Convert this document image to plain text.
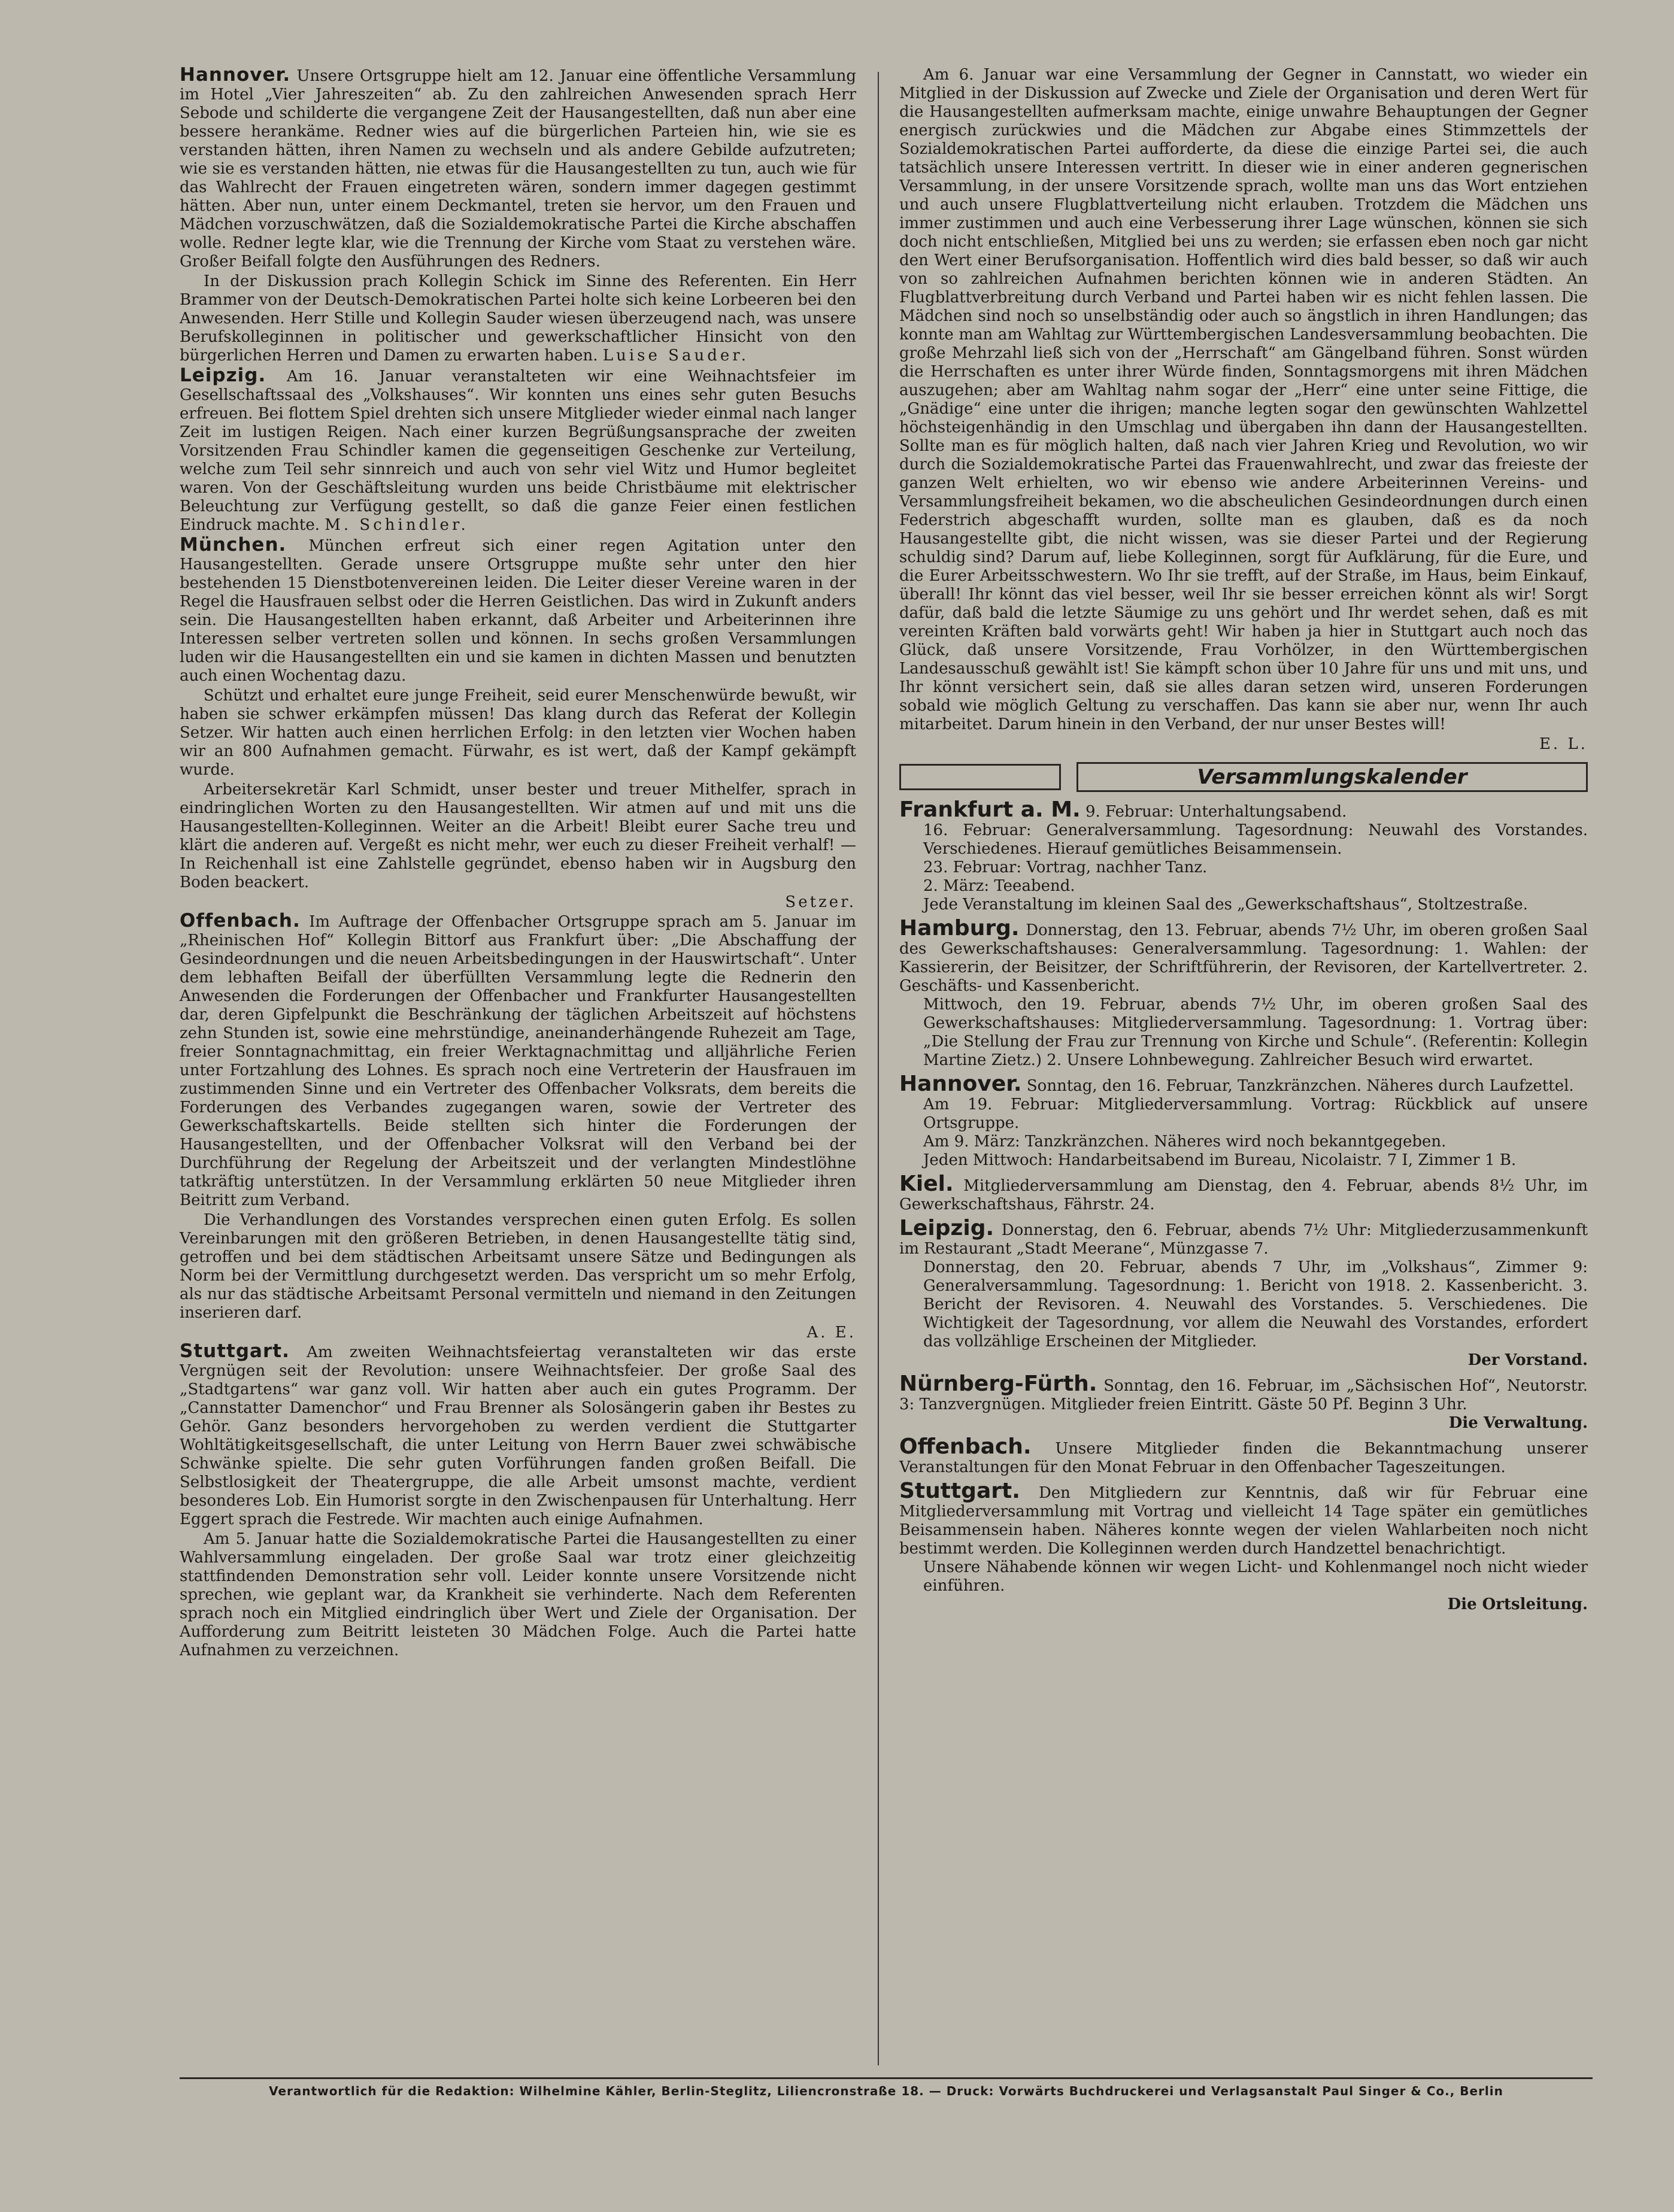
Hannover. Unsere Ortsgruppe hielt am 12. Januar eine öffentliche Versammlung im Hotel „Vier Jahreszeiten“ ab. Zu den zahlreichen Anwesenden sprach Herr Sebode und schilderte die vergangene Zeit der Hausangestellten, daß nun aber eine bessere herankäme. Redner wies auf die bürgerlichen Parteien hin, wie sie es verstanden hätten, ihren Namen zu wechseln und als andere Gebilde aufzutreten; wie sie es verstanden hätten, nie etwas für die Hausangestellten zu tun, auch wie für das Wahlrecht der Frauen eingetreten wären, sondern immer dagegen gestimmt hätten. Aber nun, unter einem Deckmantel, treten sie hervor, um den Frauen und Mädchen vorzuschwätzen, daß die Sozialdemokratische Partei die Kirche abschaffen wolle. Redner legte klar, wie die Trennung der Kirche vom Staat zu verstehen wäre. Großer Beifall folgte den Ausführungen des Redners.

In der Diskussion prach Kollegin Schick im Sinne des Referenten. Ein Herr Brammer von der Deutsch-Demokratischen Partei holte sich keine Lorbeeren bei den Anwesenden. Herr Stille und Kollegin Sauder wiesen überzeugend nach, was unsere Berufskolleginnen in politischer und gewerkschaftlicher Hinsicht von den bürgerlichen Herren und Damen zu erwarten haben. Luise Sauder.

Leipzig. Am 16. Januar veranstalteten wir eine Weihnachtsfeier im Gesellschaftssaal des „Volkshauses“. Wir konnten uns eines sehr guten Besuchs erfreuen. Bei flottem Spiel drehten sich unsere Mitglieder wieder einmal nach langer Zeit im lustigen Reigen. Nach einer kurzen Begrüßungsansprache der zweiten Vorsitzenden Frau Schindler kamen die gegenseitigen Geschenke zur Verteilung, welche zum Teil sehr sinnreich und auch von sehr viel Witz und Humor begleitet waren. Von der Geschäftsleitung wurden uns beide Christbäume mit elektrischer Beleuchtung zur Verfügung gestellt, so daß die ganze Feier einen festlichen Eindruck machte. M. Schindler.

München. München erfreut sich einer regen Agitation unter den Hausangestellten. Gerade unsere Ortsgruppe mußte sehr unter den hier bestehenden 15 Dienstbotenvereinen leiden. Die Leiter dieser Vereine waren in der Regel die Hausfrauen selbst oder die Herren Geistlichen. Das wird in Zukunft anders sein. Die Hausangestellten haben erkannt, daß Arbeiter und Arbeiterinnen ihre Interessen selber vertreten sollen und können. In sechs großen Versammlungen luden wir die Hausangestellten ein und sie kamen in dichten Massen und benutzten auch einen Wochentag dazu.

Schützt und erhaltet eure junge Freiheit, seid eurer Menschenwürde bewußt, wir haben sie schwer erkämpfen müssen! Das klang durch das Referat der Kollegin Setzer. Wir hatten auch einen herrlichen Erfolg: in den letzten vier Wochen haben wir an 800 Aufnahmen gemacht. Fürwahr, es ist wert, daß der Kampf gekämpft wurde.

Arbeitersekretär Karl Schmidt, unser bester und treuer Mithelfer, sprach in eindringlichen Worten zu den Hausangestellten. Wir atmen auf und mit uns die Hausangestellten-Kolleginnen. Weiter an die Arbeit! Bleibt eurer Sache treu und klärt die anderen auf. Vergeßt es nicht mehr, wer euch zu dieser Freiheit verhalf! — In Reichenhall ist eine Zahlstelle gegründet, ebenso haben wir in Augsburg den Boden beackert.

Setzer.

Offenbach. Im Auftrage der Offenbacher Ortsgruppe sprach am 5. Januar im „Rheinischen Hof“ Kollegin Bittorf aus Frankfurt über: „Die Abschaffung der Gesindeordnungen und die neuen Arbeitsbedingungen in der Hauswirtschaft“. Unter dem lebhaften Beifall der überfüllten Versammlung legte die Rednerin den Anwesenden die Forderungen der Offenbacher und Frankfurter Hausangestellten dar, deren Gipfelpunkt die Beschränkung der täglichen Arbeitszeit auf höchstens zehn Stunden ist, sowie eine mehrstündige, aneinanderhängende Ruhezeit am Tage, freier Sonntagnachmittag, ein freier Werktagnachmittag und alljährliche Ferien unter Fortzahlung des Lohnes. Es sprach noch eine Vertreterin der Hausfrauen im zustimmenden Sinne und ein Vertreter des Offenbacher Volksrats, dem bereits die Forderungen des Verbandes zugegangen waren, sowie der Vertreter des Gewerkschaftskartells. Beide stellten sich hinter die Forderungen der Hausangestellten, und der Offenbacher Volksrat will den Verband bei der Durchführung der Regelung der Arbeitszeit und der verlangten Mindestlöhne tatkräftig unterstützen. In der Versammlung erklärten 50 neue Mitglieder ihren Beitritt zum Verband.

Die Verhandlungen des Vorstandes versprechen einen guten Erfolg. Es sollen Vereinbarungen mit den größeren Betrieben, in denen Hausangestellte tätig sind, getroffen und bei dem städtischen Arbeitsamt unsere Sätze und Bedingungen als Norm bei der Vermittlung durchgesetzt werden. Das verspricht um so mehr Erfolg, als nur das städtische Arbeitsamt Personal vermitteln und niemand in den Zeitungen inserieren darf.

A. E.

Stuttgart. Am zweiten Weihnachtsfeiertag veranstalteten wir das erste Vergnügen seit der Revolution: unsere Weihnachtsfeier. Der große Saal des „Stadtgartens“ war ganz voll. Wir hatten aber auch ein gutes Programm. Der „Cannstatter Damenchor“ und Frau Brenner als Solosängerin gaben ihr Bestes zu Gehör. Ganz besonders hervorgehoben zu werden verdient die Stuttgarter Wohltätigkeitsgesellschaft, die unter Leitung von Herrn Bauer zwei schwäbische Schwänke spielte. Die sehr guten Vorführungen fanden großen Beifall. Die Selbstlosigkeit der Theatergruppe, die alle Arbeit umsonst machte, verdient besonderes Lob. Ein Humorist sorgte in den Zwischenpausen für Unterhaltung. Herr Eggert sprach die Festrede. Wir machten auch einige Aufnahmen.

Am 5. Januar hatte die Sozialdemokratische Partei die Hausangestellten zu einer Wahlversammlung eingeladen. Der große Saal war trotz einer gleichzeitig stattfindenden Demonstration sehr voll. Leider konnte unsere Vorsitzende nicht sprechen, wie geplant war, da Krankheit sie verhinderte. Nach dem Referenten sprach noch ein Mitglied eindringlich über Wert und Ziele der Organisation. Der Aufforderung zum Beitritt leisteten 30 Mädchen Folge. Auch die Partei hatte Aufnahmen zu verzeichnen.

Am 6. Januar war eine Versammlung der Gegner in Cannstatt, wo wieder ein Mitglied in der Diskussion auf Zwecke und Ziele der Organisation und deren Wert für die Hausangestellten aufmerksam machte, einige unwahre Behauptungen der Gegner energisch zurückwies und die Mädchen zur Abgabe eines Stimmzettels der Sozialdemokratischen Partei aufforderte, da diese die einzige Partei sei, die auch tatsächlich unsere Interessen vertritt. In dieser wie in einer anderen gegnerischen Versammlung, in der unsere Vorsitzende sprach, wollte man uns das Wort entziehen und auch unsere Flugblattverteilung nicht erlauben. Trotzdem die Mädchen uns immer zustimmen und auch eine Verbesserung ihrer Lage wünschen, können sie sich doch nicht entschließen, Mitglied bei uns zu werden; sie erfassen eben noch gar nicht den Wert einer Berufsorganisation. Hoffentlich wird dies bald besser, so daß wir auch von so zahlreichen Aufnahmen berichten können wie in anderen Städten. An Flugblattverbreitung durch Verband und Partei haben wir es nicht fehlen lassen. Die Mädchen sind noch so unselbständig oder auch so ängstlich in ihren Handlungen; das konnte man am Wahltag zur Württembergischen Landesversammlung beobachten. Die große Mehrzahl ließ sich von der „Herrschaft“ am Gängelband führen. Sonst würden die Herrschaften es unter ihrer Würde finden, Sonntagsmorgens mit ihren Mädchen auszugehen; aber am Wahltag nahm sogar der „Herr“ eine unter seine Fittige, die „Gnädige“ eine unter die ihrigen; manche legten sogar den gewünschten Wahlzettel höchsteigenhändig in den Umschlag und übergaben ihn dann der Hausangestellten. Sollte man es für möglich halten, daß nach vier Jahren Krieg und Revolution, wo wir durch die Sozialdemokratische Partei das Frauenwahlrecht, und zwar das freieste der ganzen Welt erhielten, wo wir ebenso wie andere Arbeiterinnen Vereins- und Versammlungsfreiheit bekamen, wo die abscheulichen Gesindeordnungen durch einen Federstrich abgeschafft wurden, sollte man es glauben, daß es da noch Hausangestellte gibt, die nicht wissen, was sie dieser Partei und der Regierung schuldig sind? Darum auf, liebe Kolleginnen, sorgt für Aufklärung, für die Eure, und die Eurer Arbeitsschwestern. Wo Ihr sie trefft, auf der Straße, im Haus, beim Einkauf, überall! Ihr könnt das viel besser, weil Ihr sie besser erreichen könnt als wir! Sorgt dafür, daß bald die letzte Säumige zu uns gehört und Ihr werdet sehen, daß es mit vereinten Kräften bald vorwärts geht! Wir haben ja hier in Stuttgart auch noch das Glück, daß unsere Vorsitzende, Frau Vorhölzer, in den Württembergischen Landesausschuß gewählt ist! Sie kämpft schon über 10 Jahre für uns und mit uns, und Ihr könnt versichert sein, daß sie alles daran setzen wird, unseren Forderungen sobald wie möglich Geltung zu verschaffen. Das kann sie aber nur, wenn Ihr auch mitarbeitet. Darum hinein in den Verband, der nur unser Bestes will!

E. L.
Versammlungskalender
Frankfurt a. M. 9. Februar: Unterhaltungsabend.
16. Februar: Generalversammlung. Tagesordnung: Neuwahl des Vorstandes. Verschiedenes. Hierauf gemütliches Beisammensein.
23. Februar: Vortrag, nachher Tanz.
2. März: Teeabend.
Jede Veranstaltung im kleinen Saal des „Gewerkschaftshaus“, Stoltzestraße.
Hamburg. Donnerstag, den 13. Februar, abends 7½ Uhr, im oberen großen Saal des Gewerkschaftshauses: Generalversammlung. Tagesordnung: 1. Wahlen: der Kassiererin, der Beisitzer, der Schriftführerin, der Revisoren, der Kartellvertreter. 2. Geschäfts- und Kassenbericht.
Mittwoch, den 19. Februar, abends 7½ Uhr, im oberen großen Saal des Gewerkschaftshauses: Mitgliederversammlung. Tagesordnung: 1. Vortrag über: „Die Stellung der Frau zur Trennung von Kirche und Schule“. (Referentin: Kollegin Martine Zietz.) 2. Unsere Lohnbewegung. Zahlreicher Besuch wird erwartet.
Hannover. Sonntag, den 16. Februar, Tanzkränzchen. Näheres durch Laufzettel.
Am 19. Februar: Mitgliederversammlung. Vortrag: Rückblick auf unsere Ortsgruppe.
Am 9. März: Tanzkränzchen. Näheres wird noch bekanntgegeben.
Jeden Mittwoch: Handarbeitsabend im Bureau, Nicolaistr. 7 I, Zimmer 1 B.
Kiel. Mitgliederversammlung am Dienstag, den 4. Februar, abends 8½ Uhr, im Gewerkschaftshaus, Fährstr. 24.
Leipzig. Donnerstag, den 6. Februar, abends 7½ Uhr: Mitgliederzusammenkunft im Restaurant „Stadt Meerane“, Münzgasse 7.
Donnerstag, den 20. Februar, abends 7 Uhr, im „Volkshaus“, Zimmer 9: Generalversammlung. Tagesordnung: 1. Bericht von 1918. 2. Kassenbericht. 3. Bericht der Revisoren. 4. Neuwahl des Vorstandes. 5. Verschiedenes. Die Wichtigkeit der Tagesordnung, vor allem die Neuwahl des Vorstandes, erfordert das vollzählige Erscheinen der Mitglieder.
Der Vorstand.
Nürnberg-Fürth. Sonntag, den 16. Februar, im „Sächsischen Hof“, Neutorstr. 3: Tanzvergnügen. Mitglieder freien Eintritt. Gäste 50 Pf. Beginn 3 Uhr.
Die Verwaltung.
Offenbach. Unsere Mitglieder finden die Bekanntmachung unserer Veranstaltungen für den Monat Februar in den Offenbacher Tageszeitungen.
Stuttgart. Den Mitgliedern zur Kenntnis, daß wir für Februar eine Mitgliederversammlung mit Vortrag und vielleicht 14 Tage später ein gemütliches Beisammensein haben. Näheres konnte wegen der vielen Wahlarbeiten noch nicht bestimmt werden. Die Kolleginnen werden durch Handzettel benachrichtigt.
Unsere Nähabende können wir wegen Licht- und Kohlenmangel noch nicht wieder einführen.
Die Ortsleitung.
Verantwortlich für die Redaktion: Wilhelmine Kähler, Berlin-Steglitz, Liliencronstraße 18. — Druck: Vorwärts Buchdruckerei und Verlagsanstalt Paul Singer & Co., Berlin
